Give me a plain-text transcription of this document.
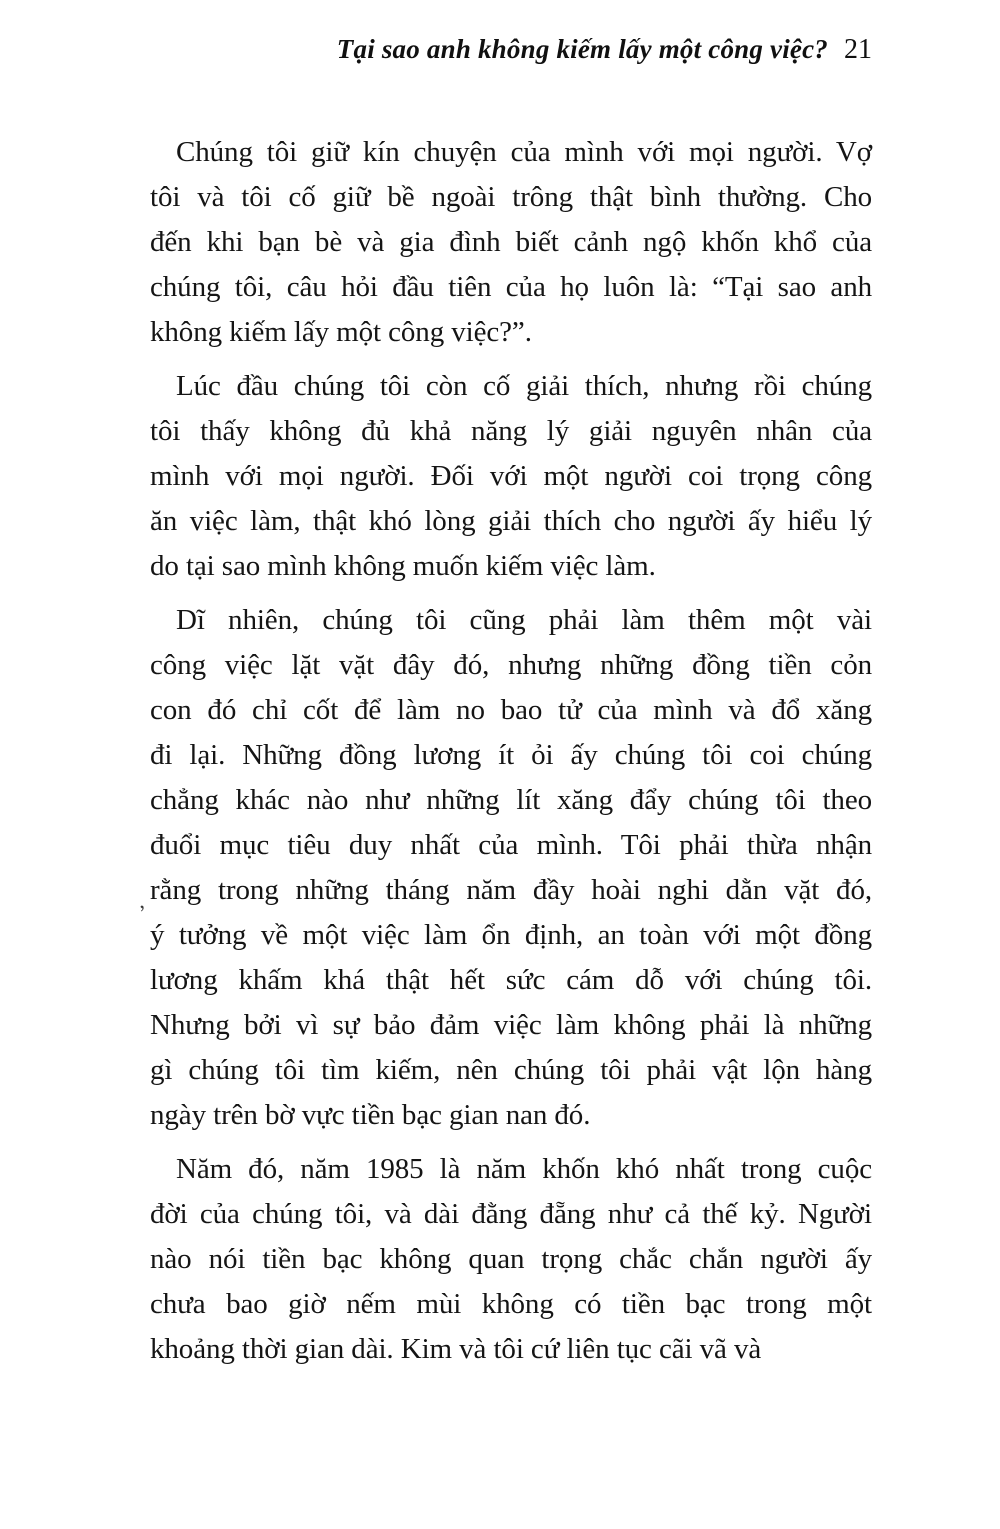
Tại sao anh không kiếm lấy một công việc? 21
,
Chúng tôi giữ kín chuyện của mình với mọi người. Vợ
tôi và tôi cố giữ bề ngoài trông thật bình thường. Cho
đến khi bạn bè và gia đình biết cảnh ngộ khốn khổ của
chúng tôi, câu hỏi đầu tiên của họ luôn là: “Tại sao anh
không kiếm lấy một công việc?”.
Lúc đầu chúng tôi còn cố giải thích, nhưng rồi chúng
tôi thấy không đủ khả năng lý giải nguyên nhân của
mình với mọi người. Đối với một người coi trọng công
ăn việc làm, thật khó lòng giải thích cho người ấy hiểu lý
do tại sao mình không muốn kiếm việc làm.
Dĩ nhiên, chúng tôi cũng phải làm thêm một vài
công việc lặt vặt đây đó, nhưng những đồng tiền cỏn
con đó chỉ cốt để làm no bao tử của mình và đổ xăng
đi lại. Những đồng lương ít ỏi ấy chúng tôi coi chúng
chẳng khác nào như những lít xăng đẩy chúng tôi theo
đuổi mục tiêu duy nhất của mình. Tôi phải thừa nhận
rằng trong những tháng năm đầy hoài nghi dằn vặt đó,
ý tưởng về một việc làm ổn định, an toàn với một đồng
lương khấm khá thật hết sức cám dỗ với chúng tôi.
Nhưng bởi vì sự bảo đảm việc làm không phải là những
gì chúng tôi tìm kiếm, nên chúng tôi phải vật lộn hàng
ngày trên bờ vực tiền bạc gian nan đó.
Năm đó, năm 1985 là năm khốn khó nhất trong cuộc
đời của chúng tôi, và dài đằng đẵng như cả thế kỷ. Người
nào nói tiền bạc không quan trọng chắc chắn người ấy
chưa bao giờ nếm mùi không có tiền bạc trong một
khoảng thời gian dài. Kim và tôi cứ liên tục cãi vã và
